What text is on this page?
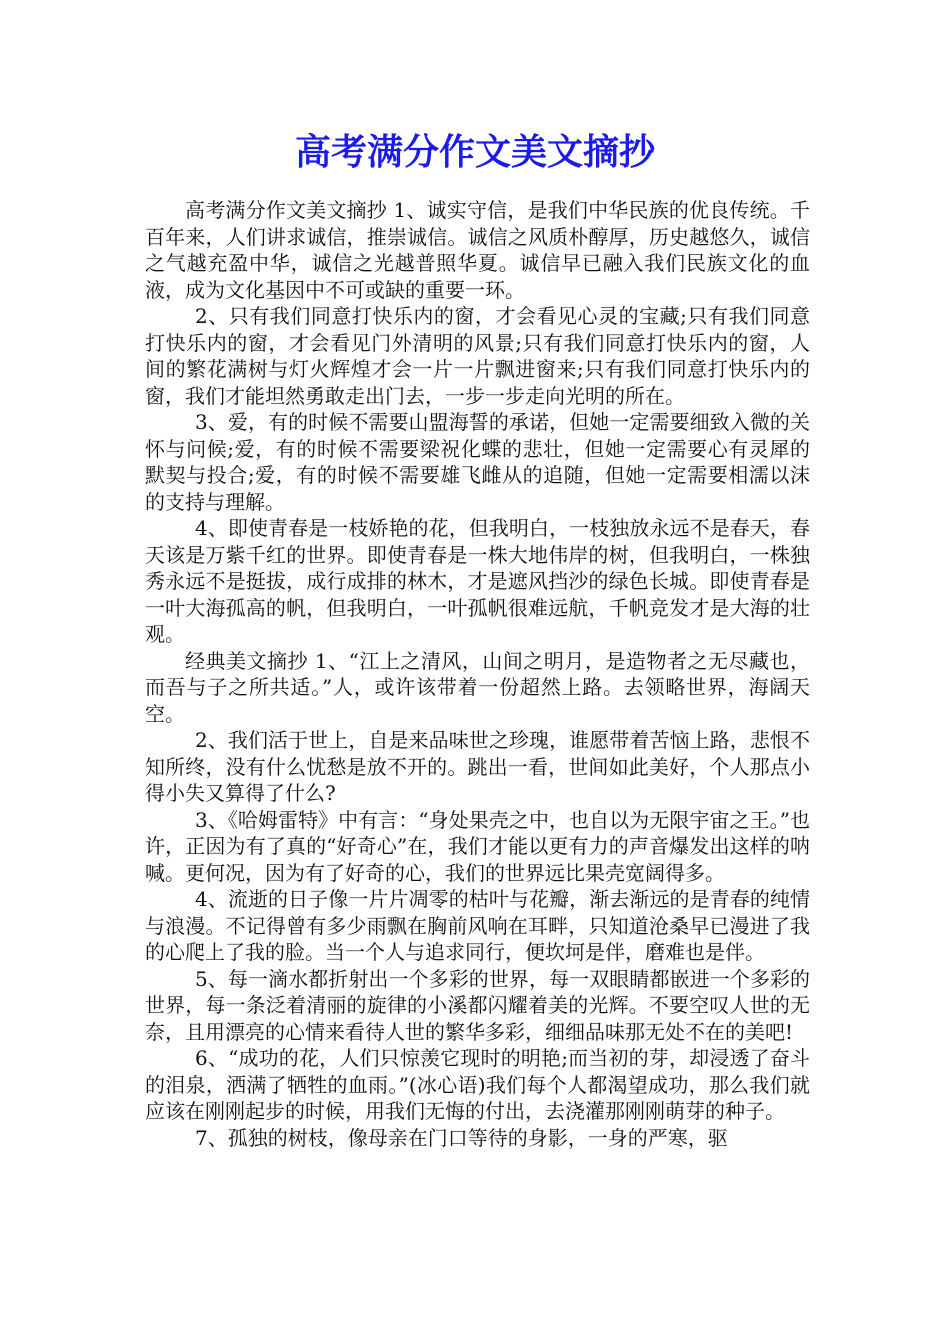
高考满分作文美文摘抄

高考满分作文美文摘抄 1、诚实守信，是我们中华民族的优良传统。千百年来，人们讲求诚信，推崇诚信。诚信之风质朴醇厚，历史越悠久，诚信之气越充盈中华，诚信之光越普照华夏。诚信早已融入我们民族文化的血液，成为文化基因中不可或缺的重要一环。

2、只有我们同意打快乐内的窗，才会看见心灵的宝藏;只有我们同意打快乐内的窗，才会看见门外清明的风景;只有我们同意打快乐内的窗，人间的繁花满树与灯火辉煌才会一片一片飘进窗来;只有我们同意打快乐内的窗，我们才能坦然勇敢走出门去，一步一步走向光明的所在。

3、爱，有的时候不需要山盟海誓的承诺，但她一定需要细致入微的关怀与问候;爱，有的时候不需要梁祝化蝶的悲壮，但她一定需要心有灵犀的默契与投合;爱，有的时候不需要雄飞雌从的追随，但她一定需要相濡以沫的支持与理解。

4、即使青春是一枝娇艳的花，但我明白，一枝独放永远不是春天，春天该是万紫千红的世界。即使青春是一株大地伟岸的树，但我明白，一株独秀永远不是挺拔，成行成排的林木，才是遮风挡沙的绿色长城。即使青春是一叶大海孤高的帆，但我明白，一叶孤帆很难远航，千帆竞发才是大海的壮观。

经典美文摘抄 1、“江上之清风，山间之明月，是造物者之无尽藏也，而吾与子之所共适。”人，或许该带着一份超然上路。去领略世界，海阔天空。

2、我们活于世上，自是来品味世之珍瑰，谁愿带着苦恼上路，悲恨不知所终，没有什么忧愁是放不开的。跳出一看，世间如此美好，个人那点小得小失又算得了什么?

3、《哈姆雷特》中有言：“身处果壳之中，也自以为无限宇宙之王。”也许，正因为有了真的“好奇心”在，我们才能以更有力的声音爆发出这样的呐喊。更何况，因为有了好奇的心，我们的世界远比果壳宽阔得多。

4、流逝的日子像一片片凋零的枯叶与花瓣，渐去渐远的是青春的纯情与浪漫。不记得曾有多少雨飘在胸前风响在耳畔，只知道沧桑早已漫进了我的心爬上了我的脸。当一个人与追求同行，便坎坷是伴，磨难也是伴。

5、每一滴水都折射出一个多彩的世界，每一双眼睛都嵌进一个多彩的世界，每一条泛着清丽的旋律的小溪都闪耀着美的光辉。不要空叹人世的无奈，且用漂亮的心情来看待人世的繁华多彩，细细品味那无处不在的美吧!

6、“成功的花，人们只惊羡它现时的明艳;而当初的芽，却浸透了奋斗的泪泉，洒满了牺牲的血雨。”(冰心语)我们每个人都渴望成功，那么我们就应该在刚刚起步的时候，用我们无悔的付出，去浇灌那刚刚萌芽的种子。

7、孤独的树枝，像母亲在门口等待的身影，一身的严寒，驱
